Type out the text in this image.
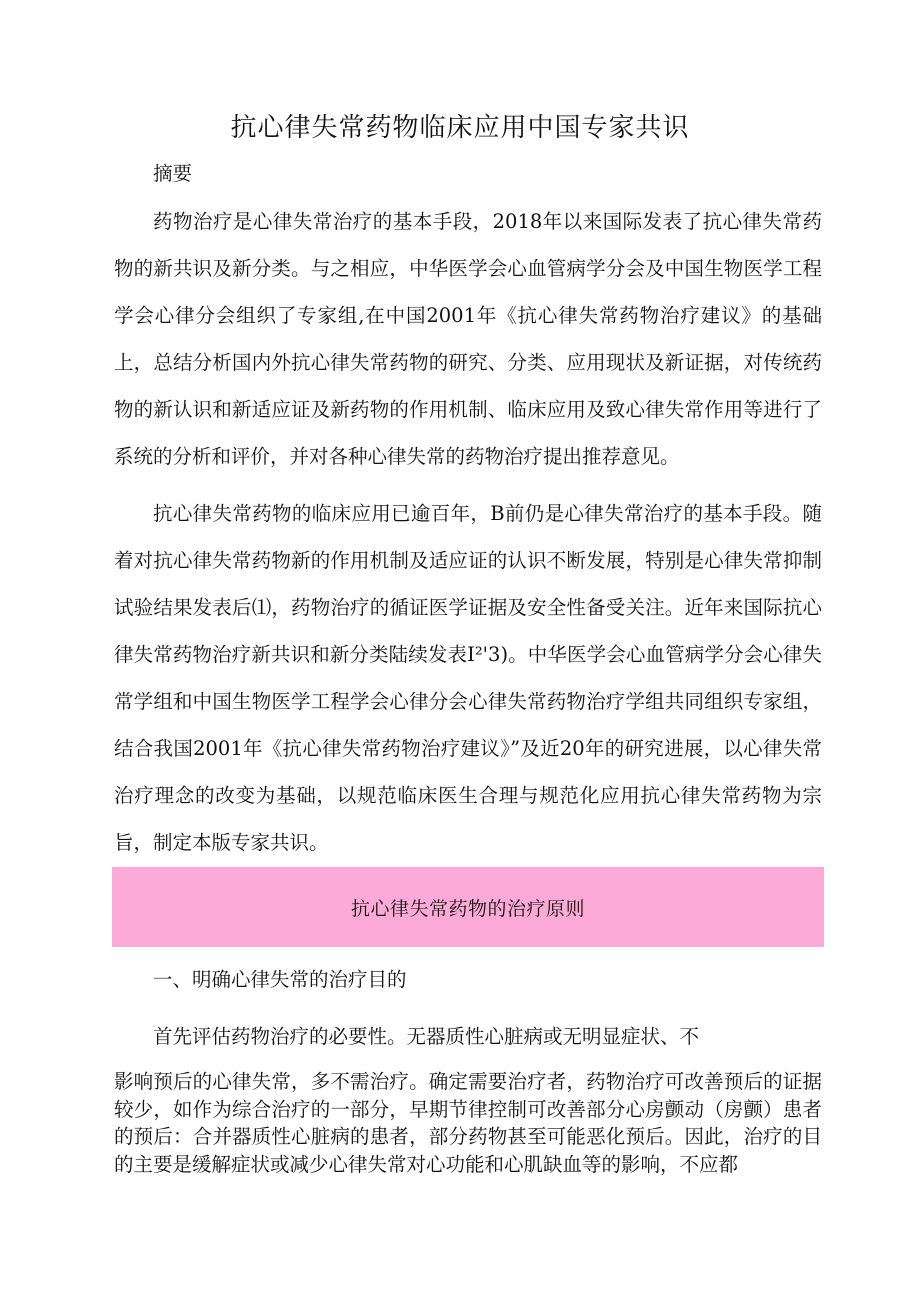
抗心律失常药物临床应用中国专家共识
摘要

药物治疗是心律失常治疗的基本手段，2018年以来国际发表了抗心律失常药物的新共识及新分类。与之相应，中华医学会心血管病学分会及中国生物医学工程学会心律分会组织了专家组,在中国2001年《抗心律失常药物治疗建议》的基础上，总结分析国内外抗心律失常药物的研究、分类、应用现状及新证据，对传统药物的新认识和新适应证及新药物的作用机制、临床应用及致心律失常作用等进行了系统的分析和评价，并对各种心律失常的药物治疗提出推荐意见。

抗心律失常药物的临床应用已逾百年，B前仍是心律失常治疗的基本手段。随着对抗心律失常药物新的作用机制及适应证的认识不断发展，特别是心律失常抑制试验结果发表后⑴，药物治疗的循证医学证据及安全性备受关注。近年来国际抗心律失常药物治疗新共识和新分类陆续发表I²'3)。中华医学会心血管病学分会心律失常学组和中国生物医学工程学会心律分会心律失常药物治疗学组共同组织专家组，结合我国2001年《抗心律失常药物治疗建议》”及近20年的研究进展，以心律失常治疗理念的改变为基础，以规范临床医生合理与规范化应用抗心律失常药物为宗旨，制定本版专家共识。

抗心律失常药物的治疗原则
一、明确心律失常的治疗目的
首先评估药物治疗的必要性。无器质性心脏病或无明显症状、不

影响预后的心律失常，多不需治疗。确定需要治疗者，药物治疗可改善预后的证据较少，如作为综合治疗的一部分，早期节律控制可改善部分心房颤动（房颤）患者的预后：合并器质性心脏病的患者，部分药物甚至可能恶化预后。因此，治疗的目的主要是缓解症状或减少心律失常对心功能和心肌缺血等的影响，不应都
